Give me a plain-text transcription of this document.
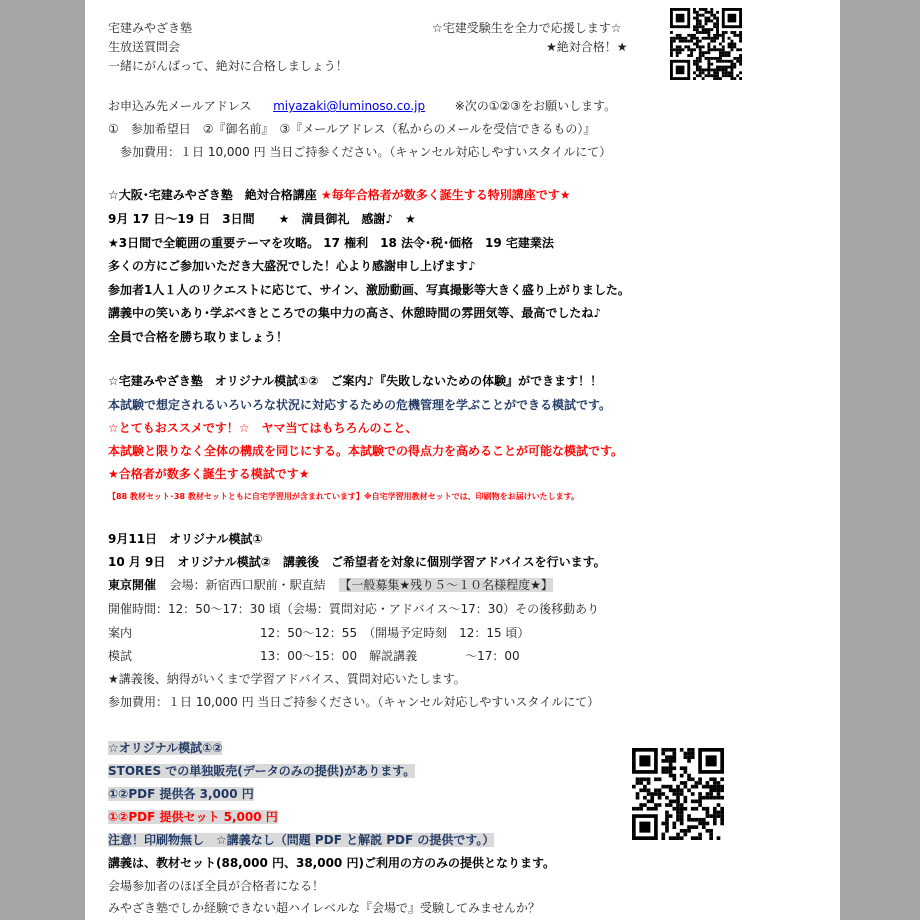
宅建みやざき塾
生放送質問会
一緒にがんばって、絶対に合格しましょう！
☆宅建受験生を全力で応援します☆
★絶対合格！★
お申込み先メールアドレス miyazaki@luminoso.co.jp ※次の①②③をお願いします。
①　参加希望日　②『御名前』　③『メールアドレス（私からのメールを受信できるもの）』
参加費用：１日 10,000 円 当日ご持参ください。（キャンセル対応しやすいスタイルにて）
☆大阪･宅建みやざき塾　絶対合格講座 ★毎年合格者が数多く誕生する特別講座です★
9月 17 日～19 日　3日間　　★　満員御礼　感謝♪　★
★3日間で全範囲の重要テーマを攻略。 17 権利　18 法令･税･価格　19 宅建業法
多くの方にご参加いただき大盛況でした！心より感謝申し上げます♪
参加者1人１人のリクエストに応じて、サイン、激励動画、写真撮影等大きく盛り上がりました。
講義中の笑いあり･学ぶべきところでの集中力の高さ、休憩時間の雰囲気等、最高でしたね♪
全員で合格を勝ち取りましょう！
☆宅建みやざき塾　オリジナル模試①②　ご案内♪『失敗しないための体験』ができます！！
本試験で想定されるいろいろな状況に対応するための危機管理を学ぶことができる模試です。
☆とてもおススメです！☆　ヤマ当てはもちろんのこと、
本試験と限りなく全体の構成を同じにする。本試験での得点力を高めることが可能な模試です。
★合格者が数多く誕生する模試です★
【88 教材セット･38 教材セットともに自宅学習用が含まれています】※自宅学習用教材セットでは、印刷物をお届けいたします。
9月11日　オリジナル模試①
10 月 9日　オリジナル模試②　講義後　ご希望者を対象に個別学習アドバイスを行います。
東京開催 会場：新宿西口駅前・駅直結 【一般募集★残り５～１０名様程度★】
開催時間：12：50～17：30 頃（会場：質問対応・アドバイス～17：30）その後移動あり
案内	12：50～12：55　（開場予定時刻　12：15 頃）
模試	13：00～15：00　解説講義　　　　～17：00
★講義後、納得がいくまで学習アドバイス、質問対応いたします。
参加費用：１日 10,000 円 当日ご持参ください。（キャンセル対応しやすいスタイルにて）
☆オリジナル模試①②
STORES での単独販売(データのみの提供)があります。
①②PDF 提供各 3,000 円
①②PDF 提供セット 5,000 円
注意！印刷物無し　☆講義なし（問題 PDF と解説 PDF の提供です。）
講義は、教材セット(88,000 円、38,000 円)ご利用の方のみの提供となります。
会場参加者のほぼ全員が合格者になる！
みやざき塾でしか経験できない超ハイレベルな『会場で』受験してみませんか？
